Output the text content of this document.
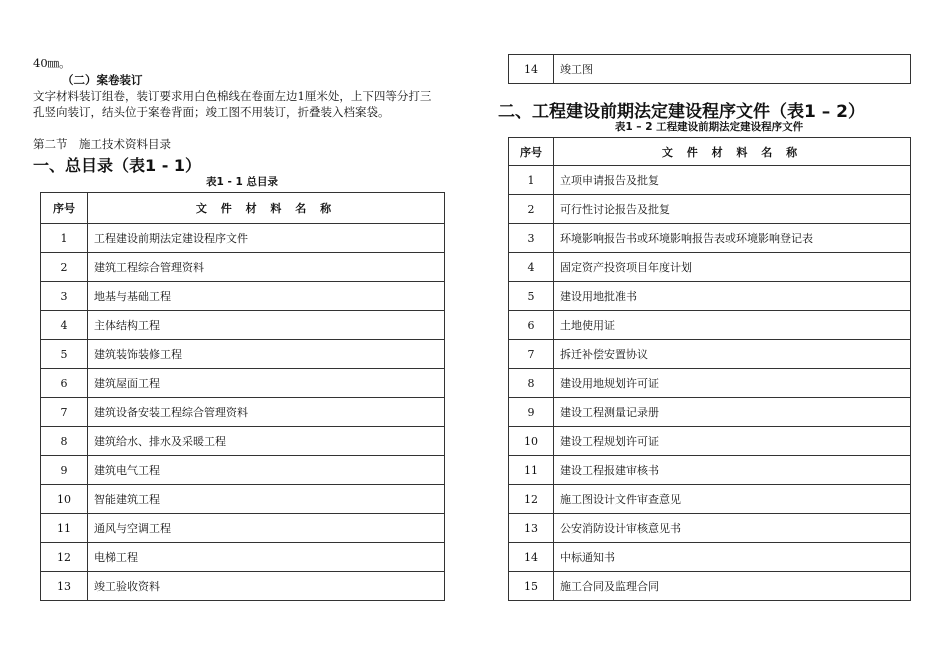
40㎜。
（二）案卷装订
文字材料装订组卷，装订要求用白色棉线在卷面左边1厘米处，上下四等分打三
孔竖向装订，结头位于案卷背面；竣工图不用装订，折叠装入档案袋。
第二节　施工技术资料目录
一、总目录（表1 - 1）
表1 - 1 总目录
序号	文 件 材 料 名 称
1	工程建设前期法定建设程序文件
2	建筑工程综合管理资料
3	地基与基础工程
4	主体结构工程
5	建筑装饰装修工程
6	建筑屋面工程
7	建筑设备安装工程综合管理资料
8	建筑给水、排水及采暖工程
9	建筑电气工程
10	智能建筑工程
11	通风与空调工程
12	电梯工程
13	竣工验收资料
14	竣工图
二、工程建设前期法定建设程序文件（表1 – 2）
表1 – 2 工程建设前期法定建设程序文件
序号	文 件 材 料 名 称
1	立项申请报告及批复
2	可行性讨论报告及批复
3	环境影响报告书或环境影响报告表或环境影响登记表
4	固定资产投资项目年度计划
5	建设用地批准书
6	土地使用证
7	拆迁补偿安置协议
8	建设用地规划许可证
9	建设工程测量记录册
10	建设工程规划许可证
11	建设工程报建审核书
12	施工图设计文件审查意见
13	公安消防设计审核意见书
14	中标通知书
15	施工合同及监理合同
